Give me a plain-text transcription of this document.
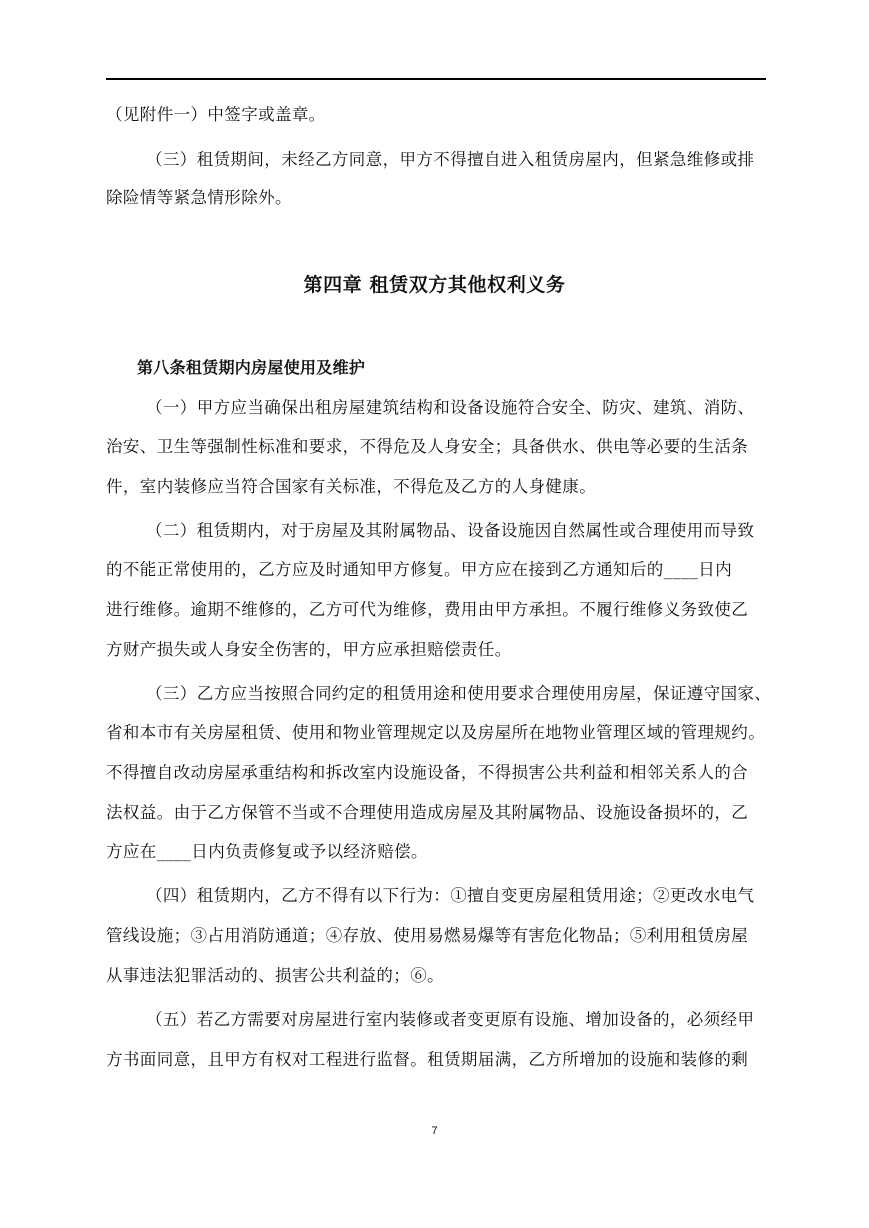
（见附件一）中签字或盖章。
（三）租赁期间，未经乙方同意，甲方不得擅自进入租赁房屋内，但紧急维修或排
除险情等紧急情形除外。
第四章 租赁双方其他权利义务
第八条租赁期内房屋使用及维护
（一）甲方应当确保出租房屋建筑结构和设备设施符合安全、防灾、建筑、消防、
治安、卫生等强制性标准和要求，不得危及人身安全；具备供水、供电等必要的生活条
件，室内装修应当符合国家有关标准，不得危及乙方的人身健康。
（二）租赁期内，对于房屋及其附属物品、设备设施因自然属性或合理使用而导致
的不能正常使用的，乙方应及时通知甲方修复。甲方应在接到乙方通知后的____日内
进行维修。逾期不维修的，乙方可代为维修，费用由甲方承担。不履行维修义务致使乙
方财产损失或人身安全伤害的，甲方应承担赔偿责任。
（三）乙方应当按照合同约定的租赁用途和使用要求合理使用房屋，保证遵守国家、
省和本市有关房屋租赁、使用和物业管理规定以及房屋所在地物业管理区域的管理规约。
不得擅自改动房屋承重结构和拆改室内设施设备，不得损害公共利益和相邻关系人的合
法权益。由于乙方保管不当或不合理使用造成房屋及其附属物品、设施设备损坏的，乙
方应在____日内负责修复或予以经济赔偿。
（四）租赁期内，乙方不得有以下行为：①擅自变更房屋租赁用途；②更改水电气
管线设施；③占用消防通道；④存放、使用易燃易爆等有害危化物品；⑤利用租赁房屋
从事违法犯罪活动的、损害公共利益的；⑥。
（五）若乙方需要对房屋进行室内装修或者变更原有设施、增加设备的，必须经甲
方书面同意，且甲方有权对工程进行监督。租赁期届满，乙方所增加的设施和装修的剩
7
